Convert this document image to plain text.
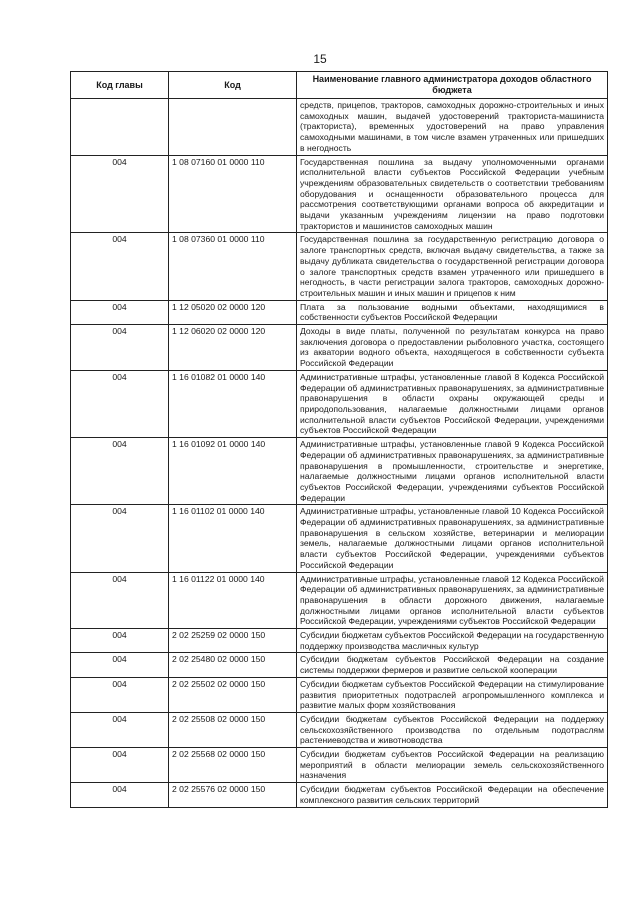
15
Код главы	Код	Наименование главного администратора доходов областного бюджета
		средств, прицепов, тракторов, самоходных дорожно-строительных и иных самоходных машин, выдачей удостоверений тракториста-машиниста (тракториста), временных удостоверений на право управления самоходными машинами, в том числе взамен утраченных или пришедших в негодность
004	1 08 07160 01 0000 110	Государственная пошлина за выдачу уполномоченными органами исполнительной власти субъектов Российской Федерации учебным учреждениям образовательных свидетельств о соответствии требованиям оборудования и оснащенности образовательного процесса для рассмотрения соответствующими органами вопроса об аккредитации и выдачи указанным учреждениям лицензии на право подготовки трактористов и машинистов самоходных машин
004	1 08 07360 01 0000 110	Государственная пошлина за государственную регистрацию договора о залоге транспортных средств, включая выдачу свидетельства, а также за выдачу дубликата свидетельства о государственной регистрации договора о залоге транспортных средств взамен утраченного или пришедшего в негодность, в части регистрации залога тракторов, самоходных дорожно-строительных машин и иных машин и прицепов к ним
004	1 12 05020 02 0000 120	Плата за пользование водными объектами, находящимися в собственности субъектов Российской Федерации
004	1 12 06020 02 0000 120	Доходы в виде платы, полученной по результатам конкурса на право заключения договора о предоставлении рыболовного участка, состоящего из акватории водного объекта, находящегося в собственности субъекта Российской Федерации
004	1 16 01082 01 0000 140	Административные штрафы, установленные главой 8 Кодекса Российской Федерации об административных правонарушениях, за административные правонарушения в области охраны окружающей среды и природопользования, налагаемые должностными лицами органов исполнительной власти субъектов Российской Федерации, учреждениями субъектов Российской Федерации
004	1 16 01092 01 0000 140	Административные штрафы, установленные главой 9 Кодекса Российской Федерации об административных правонарушениях, за административные правонарушения в промышленности, строительстве и энергетике, налагаемые должностными лицами органов исполнительной власти субъектов Российской Федерации, учреждениями субъектов Российской Федерации
004	1 16 01102 01 0000 140	Административные штрафы, установленные главой 10 Кодекса Российской Федерации об административных правонарушениях, за административные правонарушения в сельском хозяйстве, ветеринарии и мелиорации земель, налагаемые должностными лицами органов исполнительной власти субъектов Российской Федерации, учреждениями субъектов Российской Федерации
004	1 16 01122 01 0000 140	Административные штрафы, установленные главой 12 Кодекса Российской Федерации об административных правонарушениях, за административные правонарушения в области дорожного движения, налагаемые должностными лицами органов исполнительной власти субъектов Российской Федерации, учреждениями субъектов Российской Федерации
004	2 02 25259 02 0000 150	Субсидии бюджетам субъектов Российской Федерации на государственную поддержку производства масличных культур
004	2 02 25480 02 0000 150	Субсидии бюджетам субъектов Российской Федерации на создание системы поддержки фермеров и развитие сельской кооперации
004	2 02 25502 02 0000 150	Субсидии бюджетам субъектов Российской Федерации на стимулирование развития приоритетных подотраслей агропромышленного комплекса и развитие малых форм хозяйствования
004	2 02 25508 02 0000 150	Субсидии бюджетам субъектов Российской Федерации на поддержку сельскохозяйственного производства по отдельным подотраслям растениеводства и животноводства
004	2 02 25568 02 0000 150	Субсидии бюджетам субъектов Российской Федерации на реализацию мероприятий в области мелиорации земель сельскохозяйственного назначения
004	2 02 25576 02 0000 150	Субсидии бюджетам субъектов Российской Федерации на обеспечение комплексного развития сельских территорий
